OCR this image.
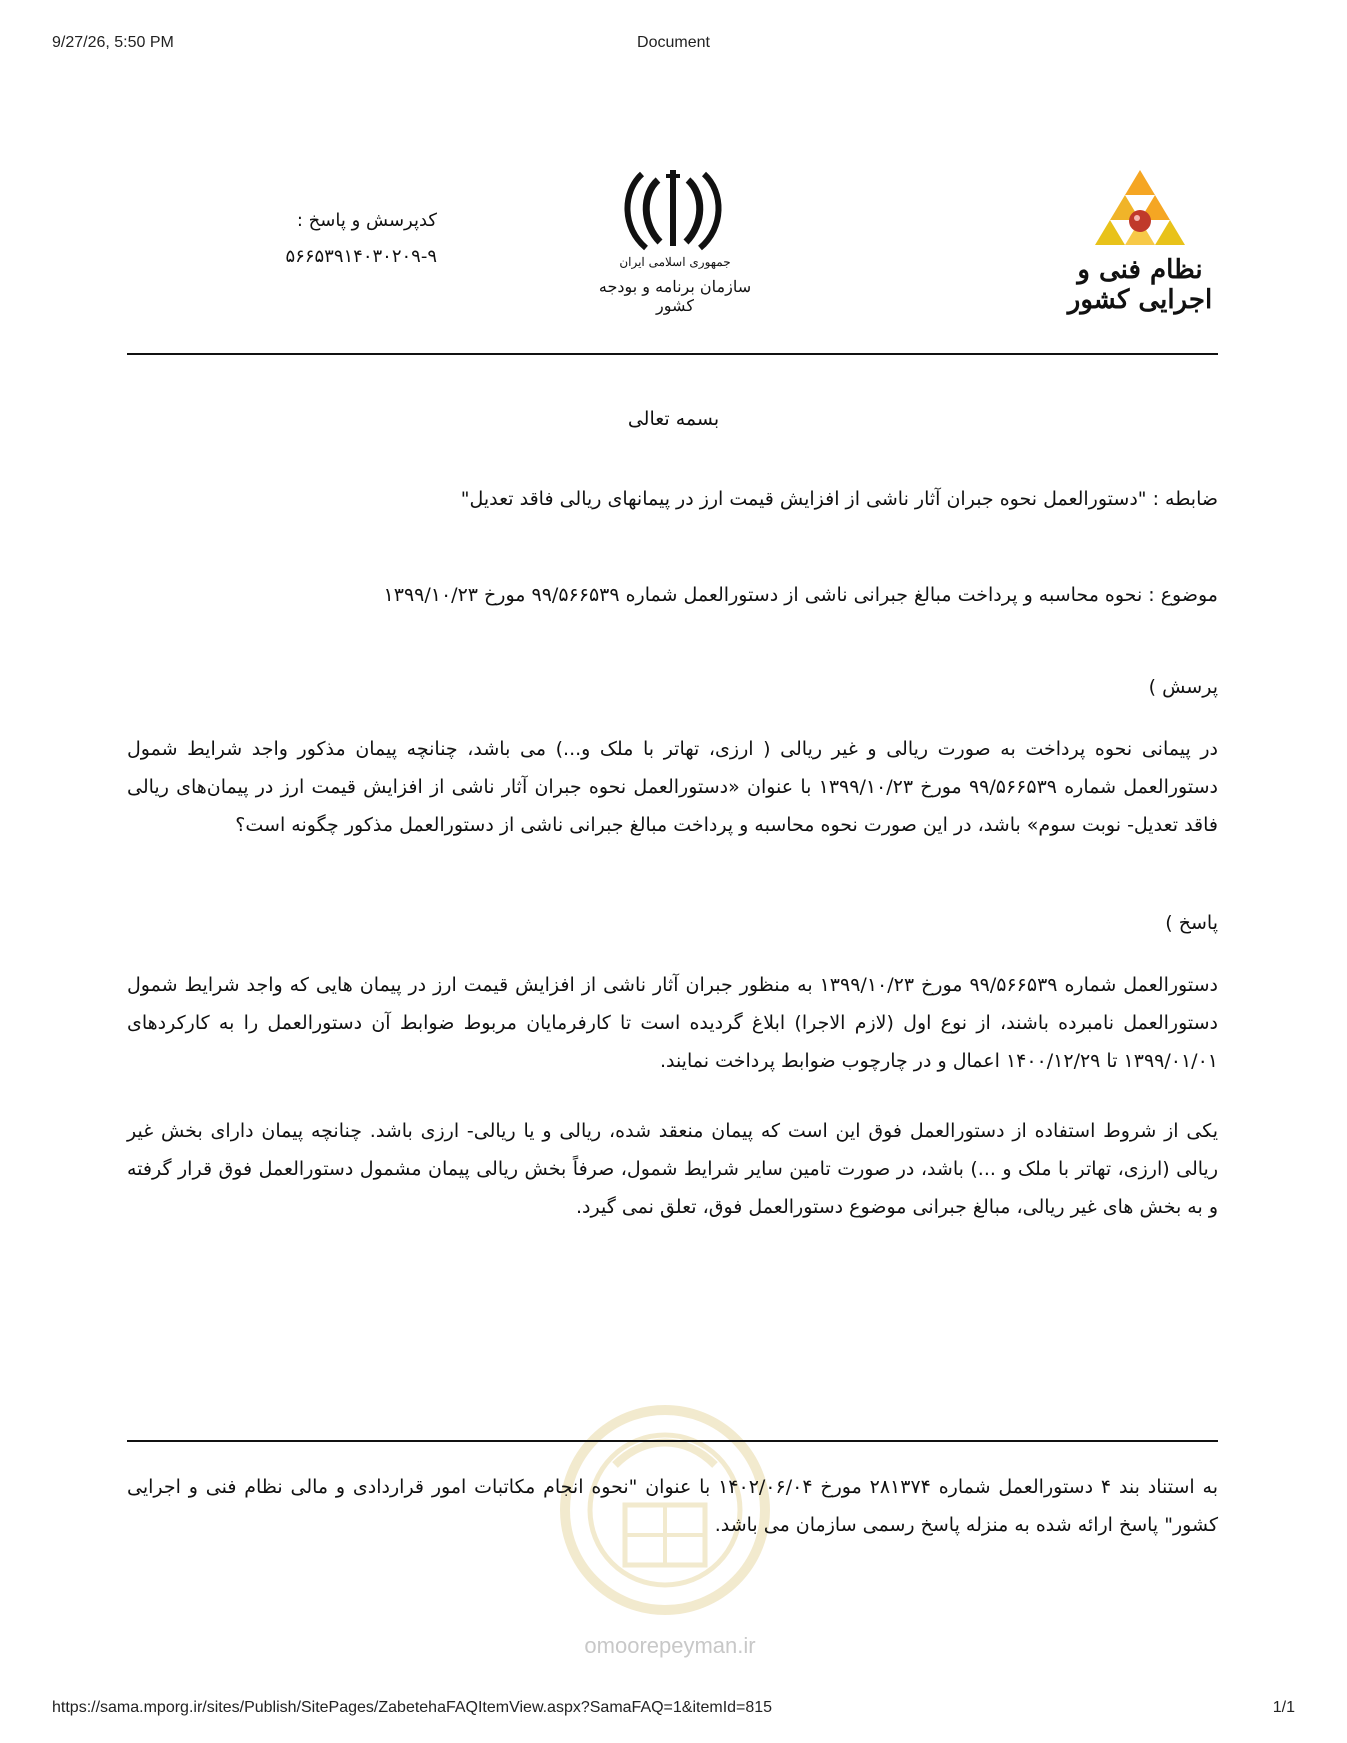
9/27/26, 5:50 PM	Document
نظام فنی و اجرایی کشور
جمهوری اسلامی ایران
سازمان برنامه و بودجه کشور
کدپرسش و پاسخ :
۵۶۶۵۳۹۱۴۰۳۰۲۰۹-۹
بسمه تعالی
ضابطه : "دستورالعمل نحوه جبران آثار ناشی از افزایش قیمت ارز در پیمانهای ریالی فاقد تعدیل"
موضوع : نحوه محاسبه و پرداخت مبالغ جبرانی ناشی از دستورالعمل شماره ۹۹/۵۶۶۵۳۹ مورخ ۱۳۹۹/۱۰/۲۳
پرسش )
در پیمانی نحوه پرداخت به صورت ریالی و غیر ریالی ( ارزی، تهاتر با ملک و...) می باشد، چنانچه پیمان مذکور واجد شرایط شمول دستورالعمل شماره ۹۹/۵۶۶۵۳۹ مورخ ۱۳۹۹/۱۰/۲۳ با عنوان «دستورالعمل نحوه جبران آثار ناشی از افزایش قیمت ارز در پیمان‌های ریالی فاقد تعدیل- نوبت سوم» باشد، در این صورت نحوه محاسبه و پرداخت مبالغ جبرانی ناشی از دستورالعمل مذکور چگونه است؟
پاسخ )
دستورالعمل شماره ۹۹/۵۶۶۵۳۹ مورخ ۱۳۹۹/۱۰/۲۳ به منظور جبران آثار ناشی از افزایش قیمت ارز در پیمان هایی که واجد شرایط شمول دستورالعمل نامبرده باشند، از نوع اول (لازم الاجرا) ابلاغ گردیده است تا کارفرمایان مربوط ضوابط آن دستورالعمل را به کارکردهای ۱۳۹۹/۰۱/۰۱ تا ۱۴۰۰/۱۲/۲۹ اعمال و در چارچوب ضوابط پرداخت نمایند.
یکی از شروط استفاده از دستورالعمل فوق این است که پیمان منعقد شده، ریالی و یا ریالی- ارزی باشد. چنانچه پیمان دارای بخش غیر ریالی (ارزی، تهاتر با ملک و ...) باشد، در صورت تامین سایر شرایط شمول، صرفاً بخش ریالی پیمان مشمول دستورالعمل فوق قرار گرفته و به بخش های غیر ریالی، مبالغ جبرانی موضوع دستورالعمل فوق، تعلق نمی گیرد.
به استناد بند ۴ دستورالعمل شماره ۲۸۱۳۷۴ مورخ ۱۴۰۲/۰۶/۰۴ با عنوان "نحوه انجام مکاتبات امور قراردادی و مالی نظام فنی و اجرایی کشور" پاسخ ارائه شده به منزله پاسخ رسمی سازمان می باشد.
omoorepeyman.ir
https://sama.mporg.ir/sites/Publish/SitePages/ZabetehaFAQItemView.aspx?SamaFAQ=1&itemId=815	1/1
